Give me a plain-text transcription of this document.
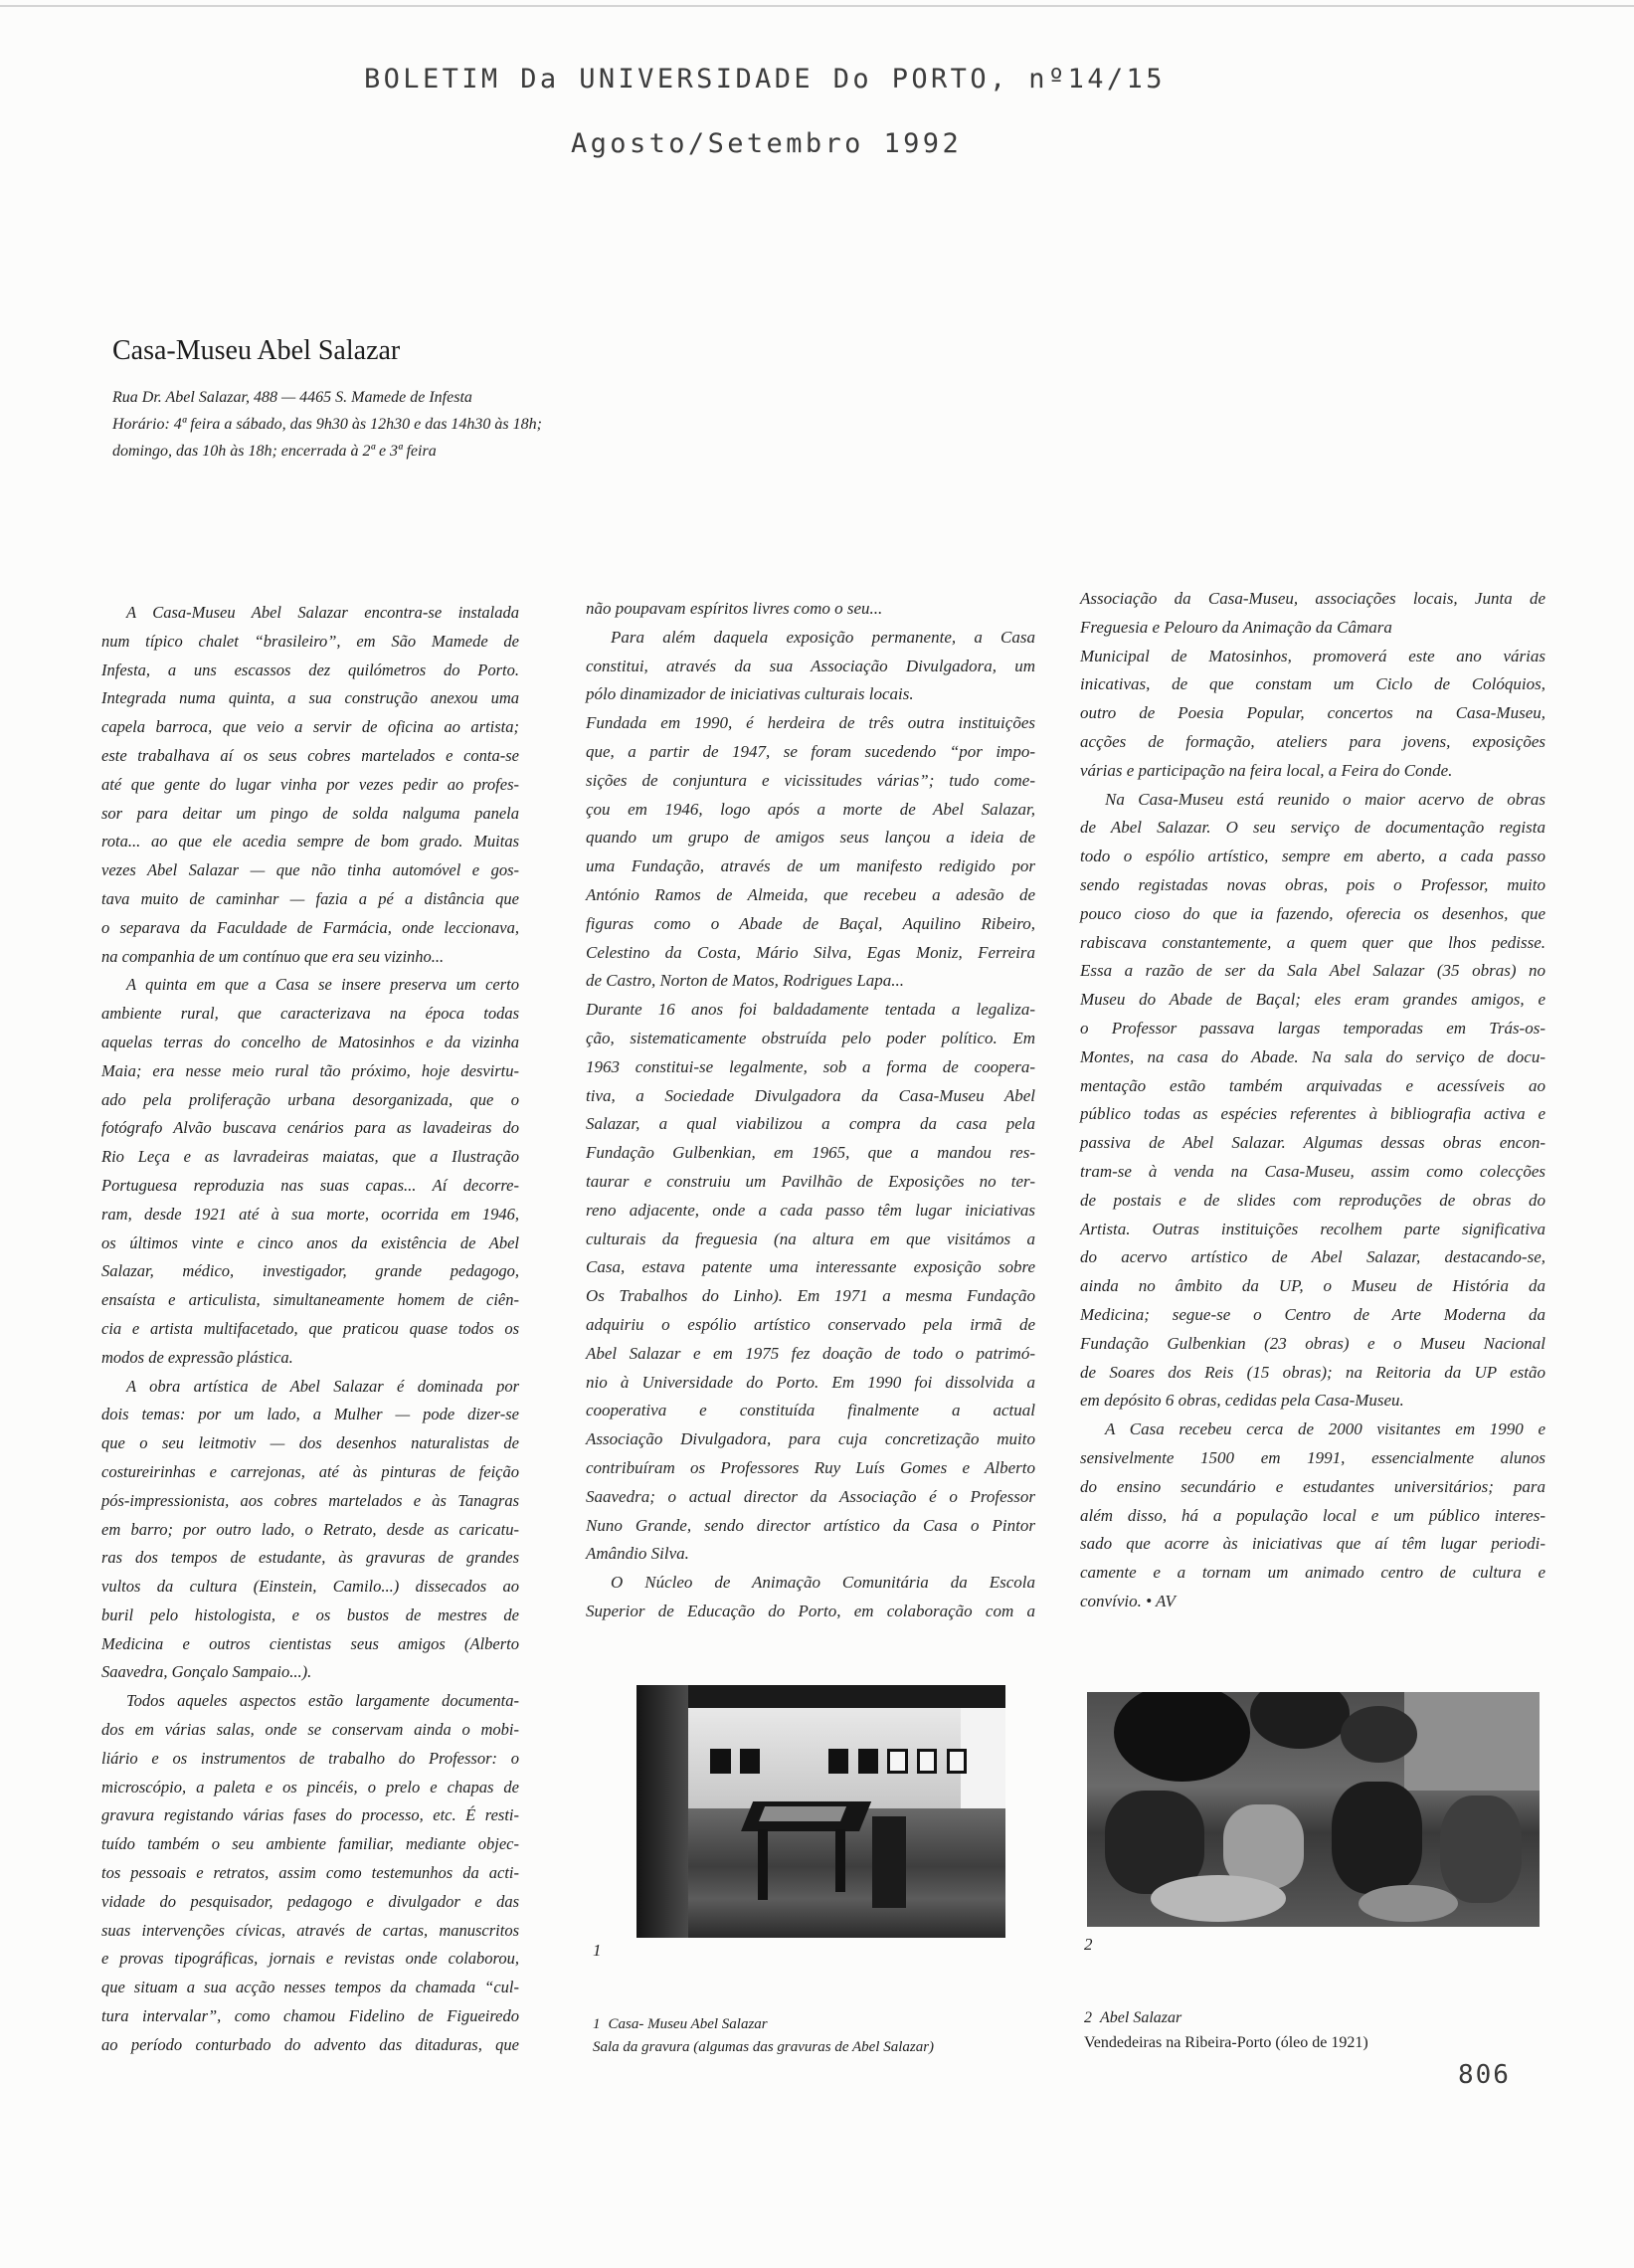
BOLETIM Da UNIVERSIDADE Do PORTO, nº14/15
Agosto/Setembro 1992
Casa-Museu Abel Salazar
Rua Dr. Abel Salazar, 488 — 4465 S. Mamede de Infesta
Horário: 4ª feira a sábado, das 9h30 às 12h30 e das 14h30 às 18h;
domingo, das 10h às 18h; encerrada à 2ª e 3ª feira
A Casa-Museu Abel Salazar encontra-se instalada
num típico chalet “brasileiro”, em São Mamede de
Infesta, a uns escassos dez quilómetros do Porto.
Integrada numa quinta, a sua construção anexou uma
capela barroca, que veio a servir de oficina ao artista;
este trabalhava aí os seus cobres martelados e conta-se
até que gente do lugar vinha por vezes pedir ao profes-
sor para deitar um pingo de solda nalguma panela
rota... ao que ele acedia sempre de bom grado. Muitas
vezes Abel Salazar — que não tinha automóvel e gos-
tava muito de caminhar — fazia a pé a distância que
o separava da Faculdade de Farmácia, onde leccionava,
na companhia de um contínuo que era seu vizinho...
A quinta em que a Casa se insere preserva um certo
ambiente rural, que caracterizava na época todas
aquelas terras do concelho de Matosinhos e da vizinha
Maia; era nesse meio rural tão próximo, hoje desvirtu-
ado pela proliferação urbana desorganizada, que o
fotógrafo Alvão buscava cenários para as lavadeiras do
Rio Leça e as lavradeiras maiatas, que a Ilustração
Portuguesa reproduzia nas suas capas... Aí decorre-
ram, desde 1921 até à sua morte, ocorrida em 1946,
os últimos vinte e cinco anos da existência de Abel
Salazar, médico, investigador, grande pedagogo,
ensaísta e articulista, simultaneamente homem de ciên-
cia e artista multifacetado, que praticou quase todos os
modos de expressão plástica.
A obra artística de Abel Salazar é dominada por
dois temas: por um lado, a Mulher — pode dizer-se
que o seu leitmotiv — dos desenhos naturalistas de
costureirinhas e carrejonas, até às pinturas de feição
pós-impressionista, aos cobres martelados e às Tanagras
em barro; por outro lado, o Retrato, desde as caricatu-
ras dos tempos de estudante, às gravuras de grandes
vultos da cultura (Einstein, Camilo...) dissecados ao
buril pelo histologista, e os bustos de mestres de
Medicina e outros cientistas seus amigos (Alberto
Saavedra, Gonçalo Sampaio...).
Todos aqueles aspectos estão largamente documenta-
dos em várias salas, onde se conservam ainda o mobi-
liário e os instrumentos de trabalho do Professor: o
microscópio, a paleta e os pincéis, o prelo e chapas de
gravura registando várias fases do processo, etc. É resti-
tuído também o seu ambiente familiar, mediante objec-
tos pessoais e retratos, assim como testemunhos da acti-
vidade do pesquisador, pedagogo e divulgador e das
suas intervenções cívicas, através de cartas, manuscritos
e provas tipográficas, jornais e revistas onde colaborou,
que situam a sua acção nesses tempos da chamada “cul-
tura intervalar”, como chamou Fidelino de Figueiredo
ao período conturbado do advento das ditaduras, que
não poupavam espíritos livres como o seu...
Para além daquela exposição permanente, a Casa
constitui, através da sua Associação Divulgadora, um
pólo dinamizador de iniciativas culturais locais.
Fundada em 1990, é herdeira de três outra instituições
que, a partir de 1947, se foram sucedendo “por impo-
sições de conjuntura e vicissitudes várias”; tudo come-
çou em 1946, logo após a morte de Abel Salazar,
quando um grupo de amigos seus lançou a ideia de
uma Fundação, através de um manifesto redigido por
António Ramos de Almeida, que recebeu a adesão de
figuras como o Abade de Baçal, Aquilino Ribeiro,
Celestino da Costa, Mário Silva, Egas Moniz, Ferreira
de Castro, Norton de Matos, Rodrigues Lapa...
Durante 16 anos foi baldadamente tentada a legaliza-
ção, sistematicamente obstruída pelo poder político. Em
1963 constitui-se legalmente, sob a forma de coopera-
tiva, a Sociedade Divulgadora da Casa-Museu Abel
Salazar, a qual viabilizou a compra da casa pela
Fundação Gulbenkian, em 1965, que a mandou res-
taurar e construiu um Pavilhão de Exposições no ter-
reno adjacente, onde a cada passo têm lugar iniciativas
culturais da freguesia (na altura em que visitámos a
Casa, estava patente uma interessante exposição sobre
Os Trabalhos do Linho). Em 1971 a mesma Fundação
adquiriu o espólio artístico conservado pela irmã de
Abel Salazar e em 1975 fez doação de todo o patrimó-
nio à Universidade do Porto. Em 1990 foi dissolvida a
cooperativa e constituída finalmente a actual
Associação Divulgadora, para cuja concretização muito
contribuíram os Professores Ruy Luís Gomes e Alberto
Saavedra; o actual director da Associação é o Professor
Nuno Grande, sendo director artístico da Casa o Pintor
Amândio Silva.
O Núcleo de Animação Comunitária da Escola
Superior de Educação do Porto, em colaboração com a
Associação da Casa-Museu, associações locais, Junta de
Freguesia e Pelouro da Animação da Câmara
Municipal de Matosinhos, promoverá este ano várias
inicativas, de que constam um Ciclo de Colóquios,
outro de Poesia Popular, concertos na Casa-Museu,
acções de formação, ateliers para jovens, exposições
várias e participação na feira local, a Feira do Conde.
Na Casa-Museu está reunido o maior acervo de obras
de Abel Salazar. O seu serviço de documentação regista
todo o espólio artístico, sempre em aberto, a cada passo
sendo registadas novas obras, pois o Professor, muito
pouco cioso do que ia fazendo, oferecia os desenhos, que
rabiscava constantemente, a quem quer que lhos pedisse.
Essa a razão de ser da Sala Abel Salazar (35 obras) no
Museu do Abade de Baçal; eles eram grandes amigos, e
o Professor passava largas temporadas em Trás-os-
Montes, na casa do Abade. Na sala do serviço de docu-
mentação estão também arquivadas e acessíveis ao
público todas as espécies referentes à bibliografia activa e
passiva de Abel Salazar. Algumas dessas obras encon-
tram-se à venda na Casa-Museu, assim como colecções
de postais e de slides com reproduções de obras do
Artista. Outras instituições recolhem parte significativa
do acervo artístico de Abel Salazar, destacando-se,
ainda no âmbito da UP, o Museu de História da
Medicina; segue-se o Centro de Arte Moderna da
Fundação Gulbenkian (23 obras) e o Museu Nacional
de Soares dos Reis (15 obras); na Reitoria da UP estão
em depósito 6 obras, cedidas pela Casa-Museu.
A Casa recebeu cerca de 2000 visitantes em 1990 e
sensivelmente 1500 em 1991, essencialmente alunos
do ensino secundário e estudantes universitários; para
além disso, há a população local e um público interes-
sado que acorre às iniciativas que aí têm lugar periodi-
camente e a tornam um animado centro de cultura e
convívio. • AV
1	2
1 Casa- Museu Abel Salazar
Sala da gravura (algumas das gravuras de Abel Salazar)
2 Abel Salazar
Vendedeiras na Ribeira-Porto (óleo de 1921)
806
